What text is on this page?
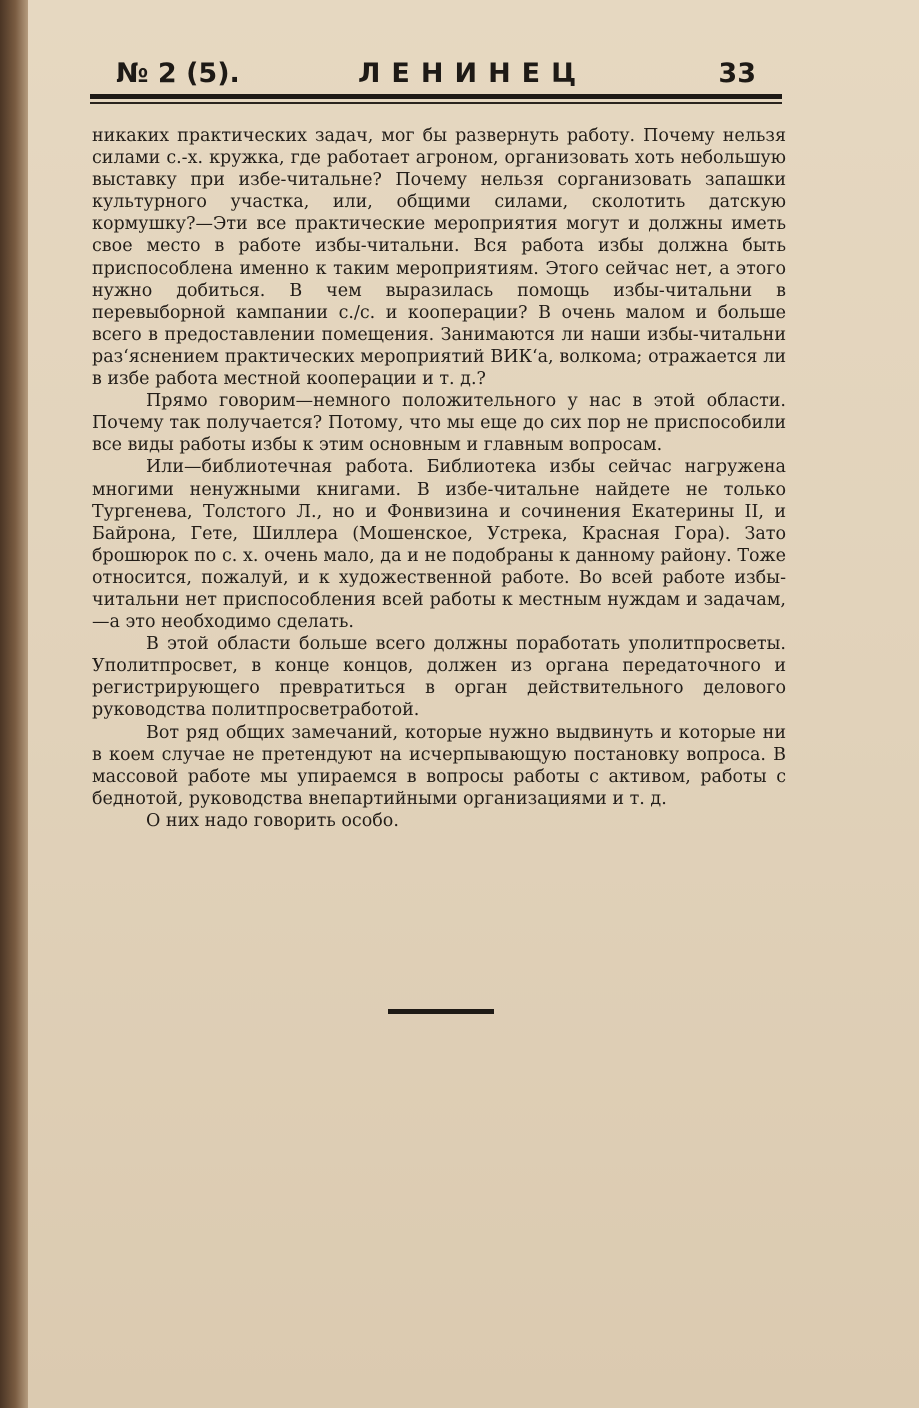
№ 2 (5).	ЛЕНИНЕЦ	33

никаких практических задач, мог бы развернуть работу. Почему нельзя силами с.-х. кружка, где работает агроном, организовать хоть небольшую выставку при избе-читальне? Почему нельзя сорганизовать запашки культурного участка, или, общими силами, сколотить датскую кормушку?—Эти все практические мероприятия могут и должны иметь свое место в работе избы-читальни. Вся работа избы должна быть приспособлена именно к таким мероприятиям. Этого сейчас нет, а этого нужно добиться. В чем выразилась помощь избы-читальни в перевыборной кампании с./с. и кооперации? В очень малом и больше всего в предоставлении помещения. Занимаются ли наши избы-читальни раз‘яснением практических мероприятий ВИК‘а, волкома; отражается ли в избе работа местной кооперации и т. д.?

Прямо говорим—немного положительного у нас в этой области. Почему так получается? Потому, что мы еще до сих пор не приспособили все виды работы избы к этим основным и главным вопросам.

Или—библиотечная работа. Библиотека избы сейчас нагружена многими ненужными книгами. В избе-читальне найдете не только Тургенева, Толстого Л., но и Фонвизина и сочинения Екатерины II, и Байрона, Гете, Шиллера (Мошенское, Устрека, Красная Гора). Зато брошюрок по с. х. очень мало, да и не подобраны к данному району. Тоже относится, пожалуй, и к художественной работе. Во всей работе избы-читальни нет приспособления всей работы к местным нуждам и задачам,—а это необходимо сделать.

В этой области больше всего должны поработать уполитпросветы. Уполитпросвет, в конце концов, должен из органа передаточного и регистрирующего превратиться в орган действительного делового руководства политпросветработой.

Вот ряд общих замечаний, которые нужно выдвинуть и которые ни в коем случае не претендуют на исчерпывающую постановку вопроса. В массовой работе мы упираемся в вопросы работы с активом, работы с беднотой, руководства внепартийными организациями и т. д.

О них надо говорить особо.
